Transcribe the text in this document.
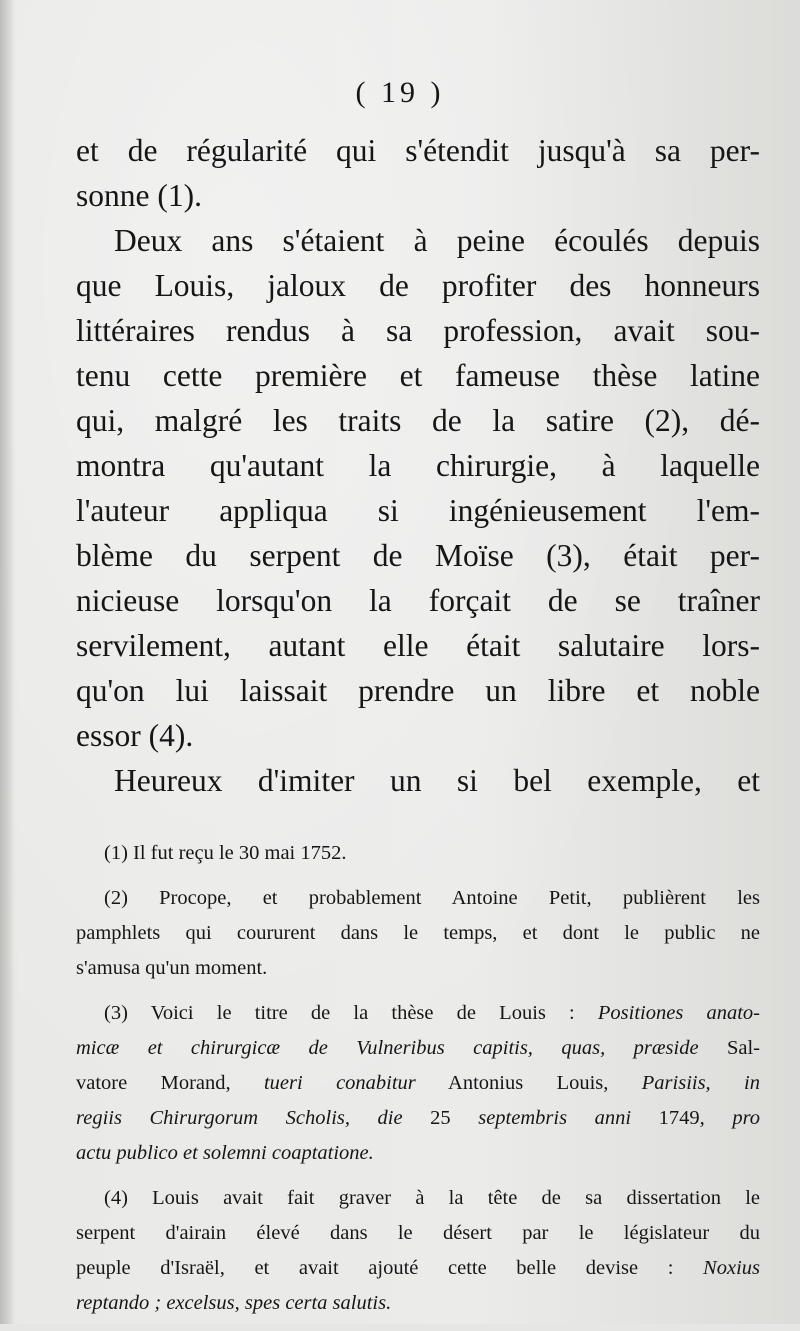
( 19 )
et de régularité qui s'étendit jusqu'à sa per-
sonne (1).
Deux ans s'étaient à peine écoulés depuis
que Louis, jaloux de profiter des honneurs
littéraires rendus à sa profession, avait sou-
tenu cette première et fameuse thèse latine
qui, malgré les traits de la satire (2), dé-
montra qu'autant la chirurgie, à laquelle
l'auteur appliqua si ingénieusement l'em-
blème du serpent de Moïse (3), était per-
nicieuse lorsqu'on la forçait de se traîner
servilement, autant elle était salutaire lors-
qu'on lui laissait prendre un libre et noble
essor (4).
Heureux d'imiter un si bel exemple, et
(1) Il fut reçu le 30 mai 1752.
(2) Procope, et probablement Antoine Petit, publièrent les
pamphlets qui coururent dans le temps, et dont le public ne
s'amusa qu'un moment.
(3) Voici le titre de la thèse de Louis : Positiones anato-
micæ et chirurgicæ de Vulneribus capitis, quas, præside Sal-
vatore Morand, tueri conabitur Antonius Louis, Parisiis, in
regiis Chirurgorum Scholis, die 25 septembris anni 1749, pro
actu publico et solemni coaptatione.
(4) Louis avait fait graver à la tête de sa dissertation le
serpent d'airain élevé dans le désert par le législateur du
peuple d'Israël, et avait ajouté cette belle devise : Noxius
reptando ; excelsus, spes certa salutis.
